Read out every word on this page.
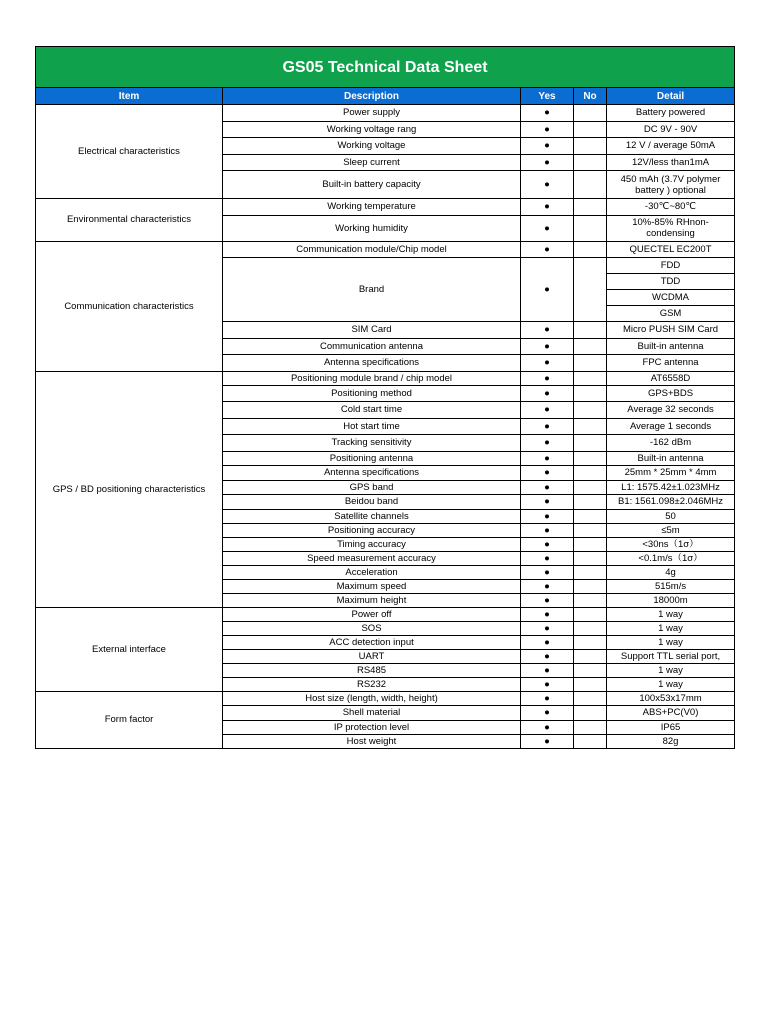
GS05 Technical Data Sheet				
Item	Description	Yes	No	Detail
Electrical characteristics	Power supply	●		Battery powered
	Working voltage rang	●		DC 9V - 90V
	Working voltage	●		12 V / average 50mA
	Sleep current	●		12V/less than1mA
	Built-in battery capacity	●		450 mAh (3.7V polymer battery ) optional
Environmental characteristics	Working temperature	●		-30℃~80℃
	Working humidity	●		10%-85% RHnon-condensing
Communication characteristics	Communication module/Chip model	●		QUECTEL EC200T
	Brand	●		FDD
				TDD
				WCDMA
				GSM
	SIM Card	●		Micro PUSH SIM Card
	Communication antenna	●		Built-in antenna
	Antenna specifications	●		FPC antenna
GPS / BD positioning characteristics	Positioning module brand / chip model	●		AT6558D
	Positioning method	●		GPS+BDS
	Cold start time	●		Average 32 seconds
	Hot start time	●		Average 1 seconds
	Tracking sensitivity	●		-162 dBm
	Positioning antenna	●		Built-in antenna
	Antenna specifications	●		25mm * 25mm * 4mm
	GPS band	●		L1: 1575.42±1.023MHz
	Beidou band	●		B1: 1561.098±2.046MHz
	Satellite channels	●		50
	Positioning accuracy	●		≤5m
	Timing accuracy	●		<30ns（1σ）
	Speed measurement accuracy	●		<0.1m/s（1σ）
	Acceleration	●		4g
	Maximum speed	●		515m/s
	Maximum height	●		18000m
External interface	Power off	●		1 way
	SOS	●		1 way
	ACC detection input	●		1 way
	UART	●		Support TTL serial port,
	RS485	●		1 way
	RS232	●		1 way
Form factor	Host size (length, width, height)	●		100x53x17mm
	Shell material	●		ABS+PC(V0)
	IP protection level	●		IP65
	Host weight	●		82g
